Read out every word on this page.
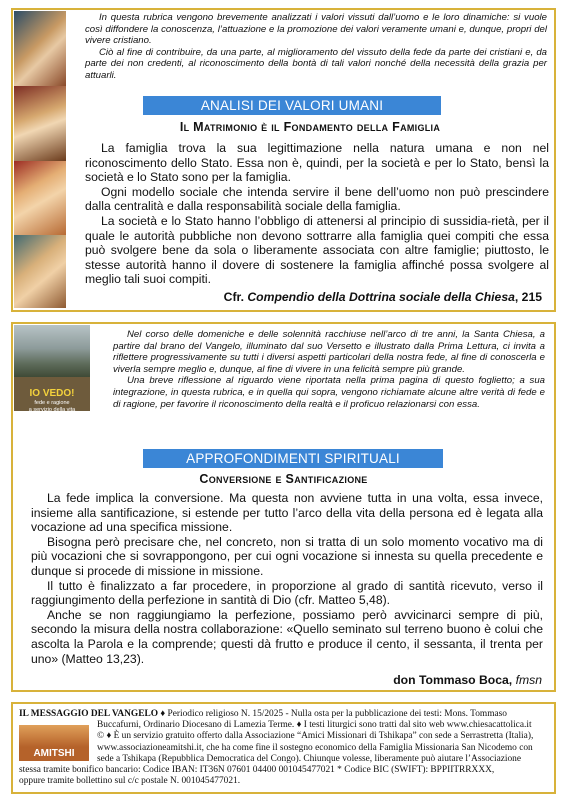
In questa rubrica vengono brevemente analizzati i valori vissuti dall’uomo e le loro dinamiche: si vuole così diffondere la conoscenza, l’attuazione e la promozione dei valori veramente umani e, dunque, propri del vivere cristiano.

Ciò al fine di contribuire, da una parte, al miglioramento del vissuto della fede da parte dei cristiani e, da parte dei non credenti, al riconoscimento della bontà di tali valori nonché della necessità della grazia per attuarli.

ANALISI DEI VALORI UMANI
Il Matrimonio è il Fondamento della Famiglia

La famiglia trova la sua legittimazione nella natura umana e non nel riconoscimento dello Stato. Essa non è, quindi, per la società e per lo Stato, bensì la società e lo Stato sono per la famiglia.

Ogni modello sociale che intenda servire il bene dell’uomo non può prescindere dalla centralità e dalla responsabilità sociale della famiglia.

La società e lo Stato hanno l’obbligo di attenersi al principio di sussidia-rietà, per il quale le autorità pubbliche non devono sottrarre alla famiglia quei compiti che essa può svolgere bene da sola o liberamente associata con altre famiglie; piuttosto, le stesse autorità hanno il dovere di sostenere la famiglia affinché possa svolgere al meglio tali suoi compiti.

Cfr. Compendio della Dottrina sociale della Chiesa, 215
IO VEDO!
fede e ragione
a servizio della vita

Nel corso delle domeniche e delle solennità racchiuse nell’arco di tre anni, la Santa Chiesa, a partire dal brano del Vangelo, illuminato dal suo Versetto e illustrato dalla Prima Lettura, ci invita a riflettere progressivamente su tutti i diversi aspetti particolari della nostra fede, al fine di conoscerla e viverla sempre meglio e, dunque, al fine di vivere in una felicità sempre più grande.

Una breve riflessione al riguardo viene riportata nella prima pagina di questo foglietto; a sua integrazione, in questa rubrica, e in quella qui sopra, vengono richiamate alcune altre verità di fede e di ragione, per favorire il riconoscimento della realtà e il proficuo relazionarsi con essa.

APPROFONDIMENTI SPIRITUALI
Conversione e Santificazione

La fede implica la conversione. Ma questa non avviene tutta in una volta, essa invece, insieme alla santificazione, si estende per tutto l’arco della vita della persona ed è legata alla vocazione ad una specifica missione.

Bisogna però precisare che, nel concreto, non si tratta di un solo momento vocativo ma di più vocazioni che si sovrappongono, per cui ogni vocazione si innesta su quella precedente e dunque si procede di missione in missione.

Il tutto è finalizzato a far procedere, in proporzione al grado di santità ricevuto, verso il raggiungimento della perfezione in santità di Dio (cfr. Matteo 5,48).

Anche se non raggiungiamo la perfezione, possiamo però avvicinarci sempre di più, secondo la misura della nostra collaborazione: «Quello seminato sul terreno buono è colui che ascolta la Parola e la comprende; questi dà frutto e produce il cento, il sessanta, il trenta per uno» (Matteo 13,23).

don Tommaso Boca, fmsn
AMITSHI
IL MESSAGGIO DEL VANGELO ♦ Periodico religioso N. 15/2025 - Nulla osta per la pubblicazione dei testi: Mons. Tommaso
Buccafurni, Ordinario Diocesano di Lamezia Terme. ♦ I testi liturgici sono tratti dal sito web www.chiesacattolica.it
© ♦ È un servizio gratuito offerto dalla Associazione “Amici Missionari di Tshikapa” con sede a Serrastretta (Italia),
www.associazioneamitshi.it, che ha come fine il sostegno economico della Famiglia Missionaria San Nicodemo con
sede a Tshikapa (Repubblica Democratica del Congo). Chiunque volesse, liberamente può aiutare l’Associazione
stessa tramite bonifico bancario: Codice IBAN: IT36N 07601 04400 001045477021 * Codice BIC (SWIFT): BPPIITRRXXX,
oppure tramite bollettino sul c/c postale N. 001045477021.
